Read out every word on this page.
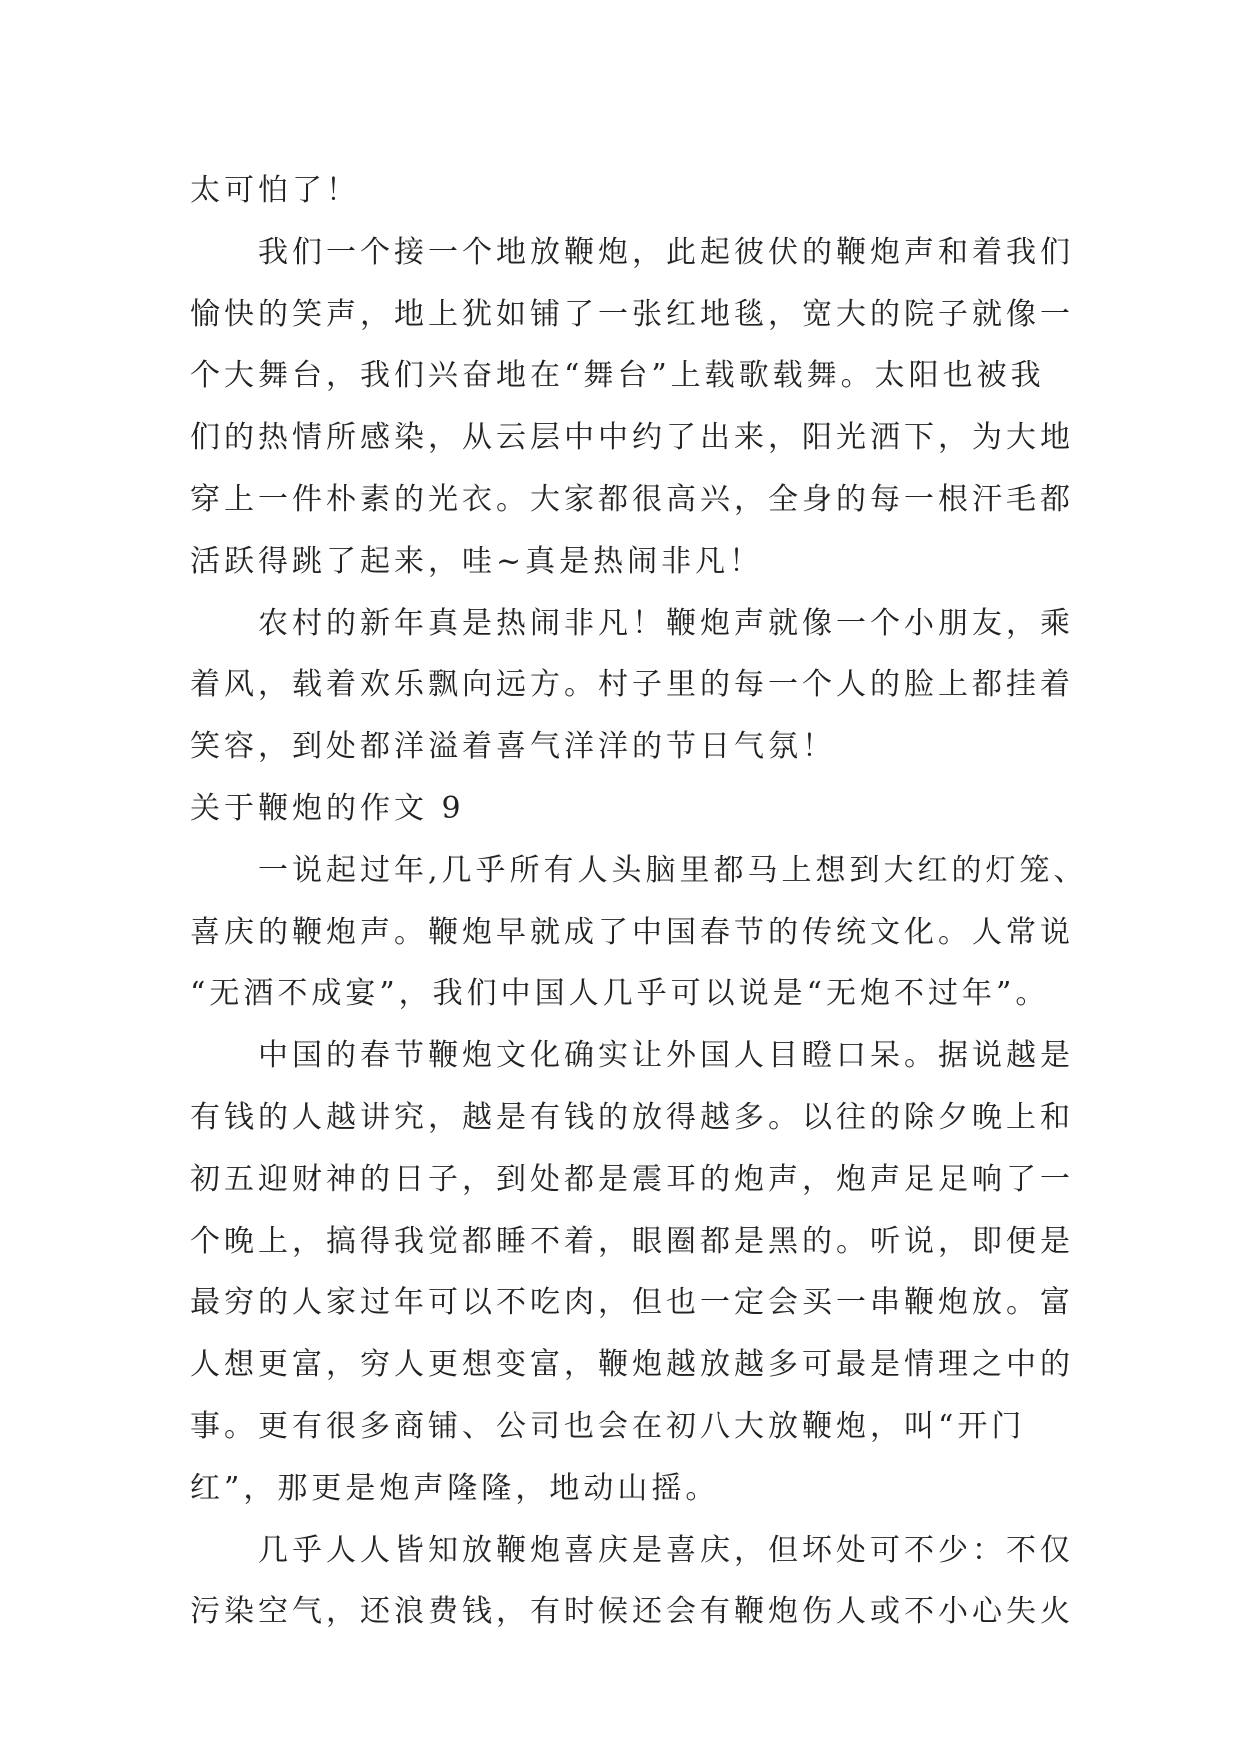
太可怕了！
我们一个接一个地放鞭炮，此起彼伏的鞭炮声和着我们
愉快的笑声，地上犹如铺了一张红地毯，宽大的院子就像一
个大舞台，我们兴奋地在“舞台”上载歌载舞。太阳也被我
们的热情所感染，从云层中中约了出来，阳光洒下，为大地
穿上一件朴素的光衣。大家都很高兴，全身的每一根汗毛都
活跃得跳了起来，哇~真是热闹非凡！
农村的新年真是热闹非凡！鞭炮声就像一个小朋友，乘
着风，载着欢乐飘向远方。村子里的每一个人的脸上都挂着
笑容，到处都洋溢着喜气洋洋的节日气氛！
关于鞭炮的作文 9
一说起过年,几乎所有人头脑里都马上想到大红的灯笼、
喜庆的鞭炮声。鞭炮早就成了中国春节的传统文化。人常说
“无酒不成宴”，我们中国人几乎可以说是“无炮不过年”。
中国的春节鞭炮文化确实让外国人目瞪口呆。据说越是
有钱的人越讲究，越是有钱的放得越多。以往的除夕晚上和
初五迎财神的日子，到处都是震耳的炮声，炮声足足响了一
个晚上，搞得我觉都睡不着，眼圈都是黑的。听说，即便是
最穷的人家过年可以不吃肉，但也一定会买一串鞭炮放。富
人想更富，穷人更想变富，鞭炮越放越多可最是情理之中的
事。更有很多商铺、公司也会在初八大放鞭炮，叫“开门
红”，那更是炮声隆隆，地动山摇。
几乎人人皆知放鞭炮喜庆是喜庆，但坏处可不少：不仅
污染空气，还浪费钱，有时候还会有鞭炮伤人或不小心失火
